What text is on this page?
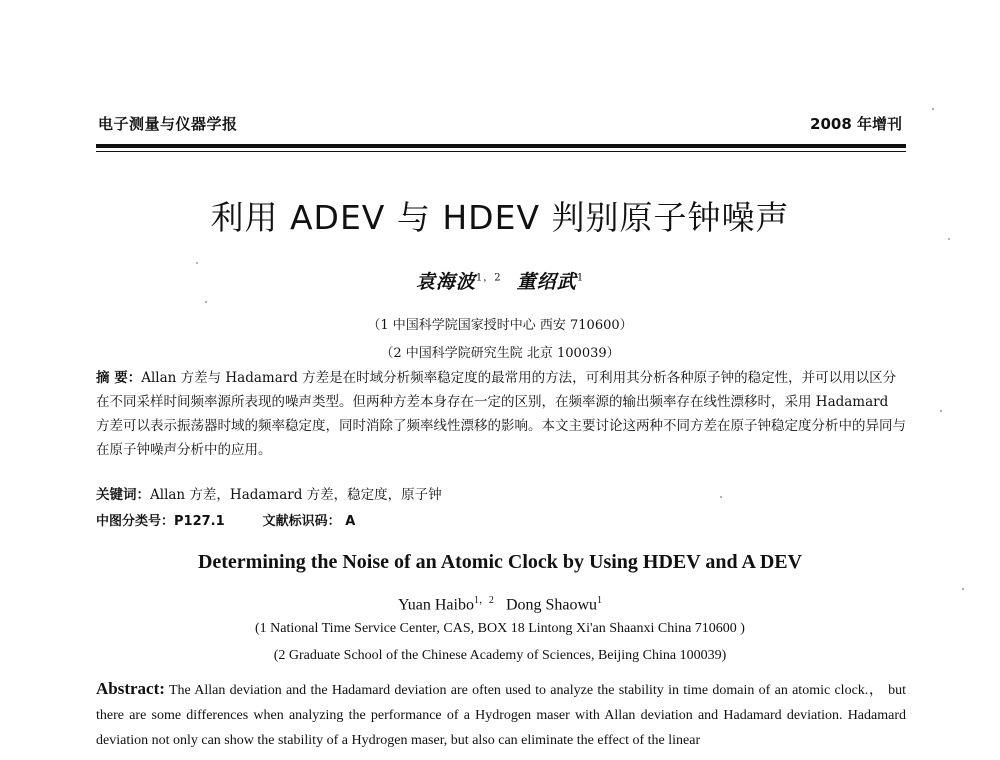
电子测量与仪器学报	2008 年增刊
利用 ADEV 与 HDEV 判别原子钟噪声
袁海波$^{1,2}$ 董绍武$^1$
（1 中国科学院国家授时中心 西安 710600）
（2 中国科学院研究生院 北京 100039）
摘 要：Allan 方差与 Hadamard 方差是在时域分析频率稳定度的最常用的方法，可利用其分析各种原子钟的稳定性，并可以用以区分在不同采样时间频率源所表现的噪声类型。但两种方差本身存在一定的区别，在频率源的输出频率存在线性漂移时，采用 Hadamard 方差可以表示振荡器时域的频率稳定度，同时消除了频率线性漂移的影响。本文主要讨论这两种不同方差在原子钟稳定度分析中的异同与在原子钟噪声分析中的应用。
关键词：Allan 方差，Hadamard 方差，稳定度，原子钟
中图分类号：P127.1	文献标识码： A
Determining the Noise of an Atomic Clock by Using HDEV and A DEV
Yuan Haibo$^{1,2}$ Dong Shaowu$^1$
(1 National Time Service Center, CAS, BOX 18 Lintong Xi'an Shaanxi China 710600 )
(2 Graduate School of the Chinese Academy of Sciences, Beijing China 100039)
Abstract: The Allan deviation and the Hadamard deviation are often used to analyze the stability in time domain of an atomic clock.， but there are some differences when analyzing the performance of a Hydrogen maser with Allan deviation and Hadamard deviation. Hadamard deviation not only can show the stability of a Hydrogen maser, but also can eliminate the effect of the linear
